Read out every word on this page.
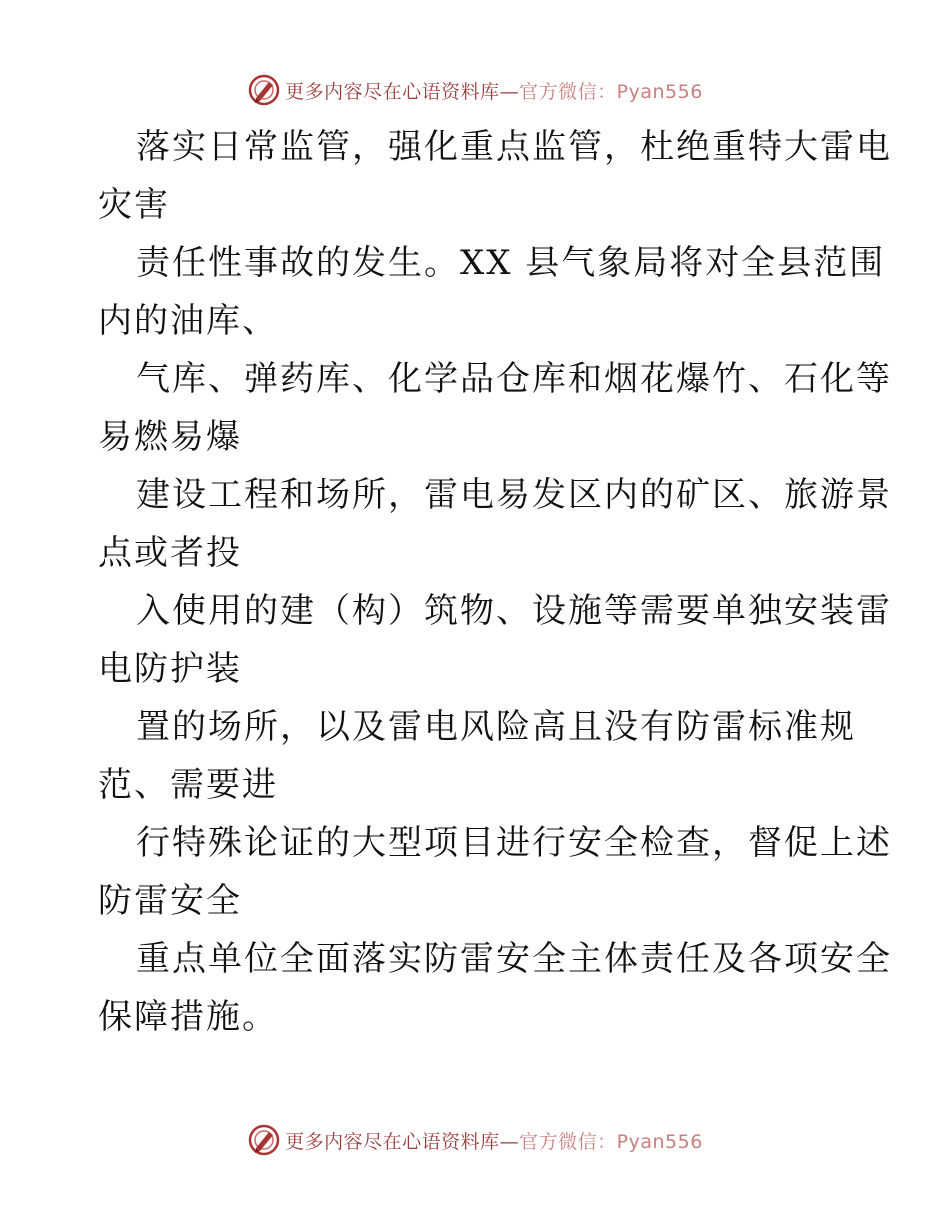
更多内容尽在心语资料库—官方微信：Pyan556
落实日常监管，强化重点监管，杜绝重特大雷电
灾害
责任性事故的发生。XX 县气象局将对全县范围
内的油库、
气库、弹药库、化学品仓库和烟花爆竹、石化等
易燃易爆
建设工程和场所，雷电易发区内的矿区、旅游景
点或者投
入使用的建（构）筑物、设施等需要单独安装雷
电防护装
置的场所，以及雷电风险高且没有防雷标准规
范、需要进
行特殊论证的大型项目进行安全检查，督促上述
防雷安全
重点单位全面落实防雷安全主体责任及各项安全
保障措施。
更多内容尽在心语资料库—官方微信：Pyan556
